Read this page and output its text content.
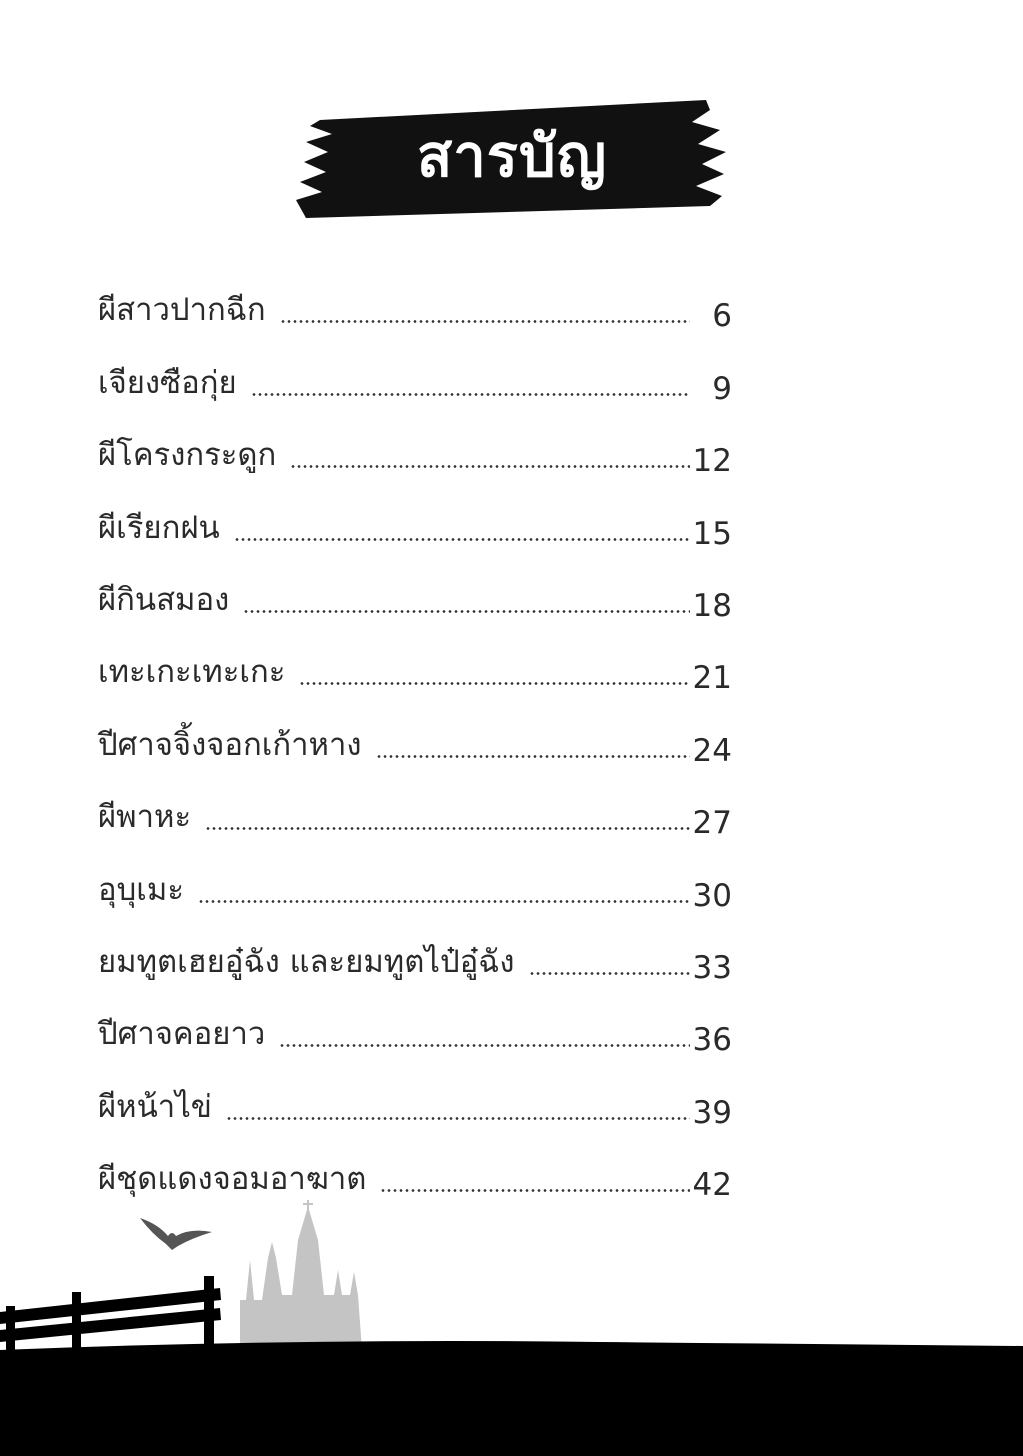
สารบัญ
ผีสาวปากฉีก	6
เจียงซือกุ่ย	9
ผีโครงกระดูก	12
ผีเรียกฝน	15
ผีกินสมอง	18
เทะเกะเทะเกะ	21
ปีศาจจิ้งจอกเก้าหาง	24
ผีพาหะ	27
อุบุเมะ	30
ยมทูตเฮยอู๋ฉัง และยมทูตไป๋อู๋ฉัง	33
ปีศาจคอยาว	36
ผีหน้าไข่	39
ผีชุดแดงจอมอาฆาต	42
